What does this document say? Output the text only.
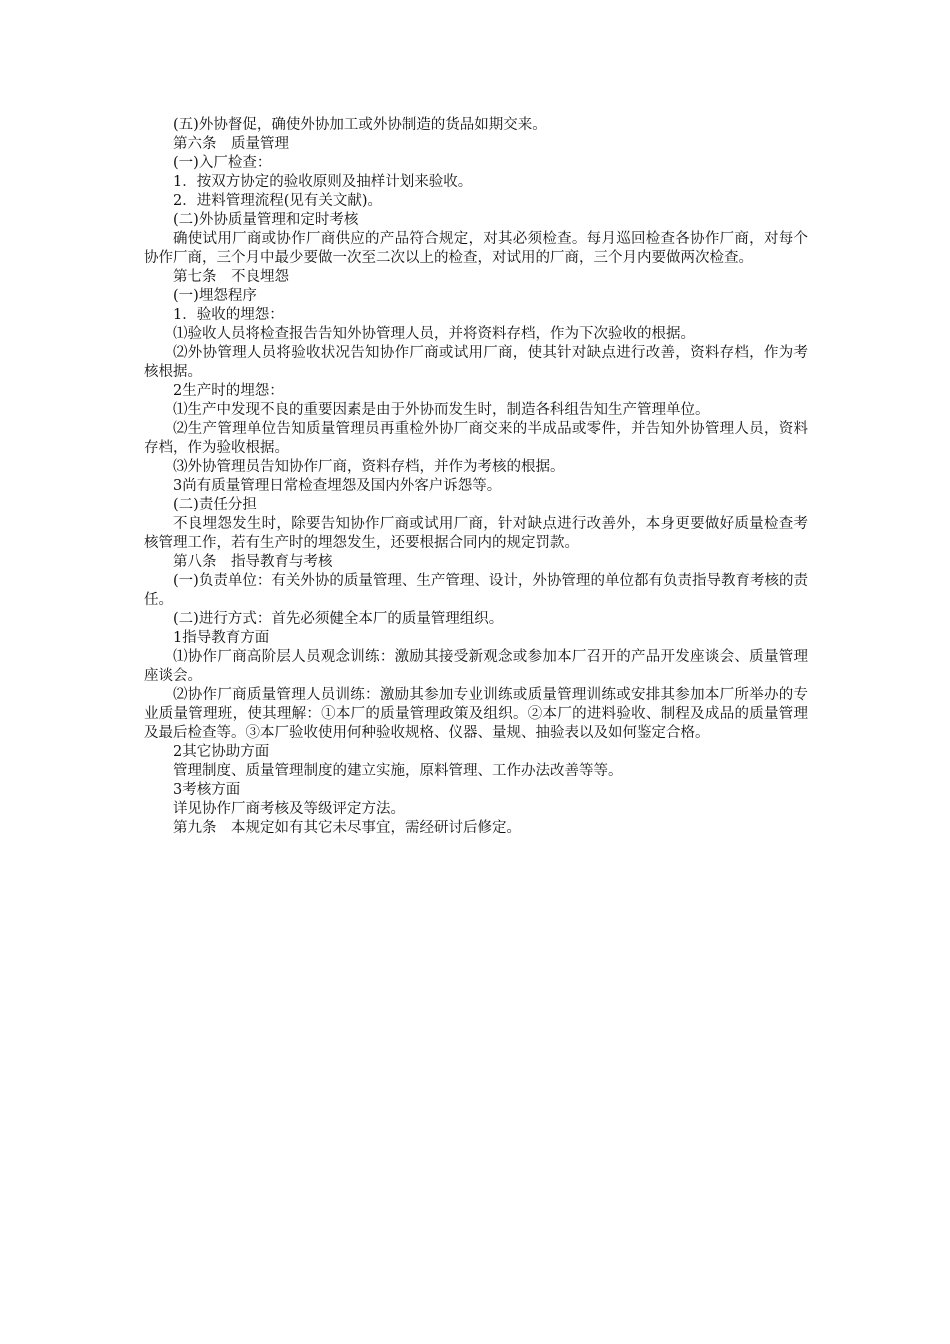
(五)外协督促，确使外协加工或外协制造的货品如期交来。

第六条　质量管理

(一)入厂检查：

1．按双方协定的验收原则及抽样计划来验收。

2．进料管理流程(见有关文献)。

(二)外协质量管理和定时考核

确使试用厂商或协作厂商供应的产品符合规定，对其必须检查。每月巡回检查各协作厂商，对每个协作厂商，三个月中最少要做一次至二次以上的检查，对试用的厂商，三个月内要做两次检查。

第七条　不良埋怨

(一)埋怨程序

1．验收的埋怨：

⑴验收人员将检查报告告知外协管理人员，并将资料存档，作为下次验收的根据。

⑵外协管理人员将验收状况告知协作厂商或试用厂商，使其针对缺点进行改善，资料存档，作为考核根据。

2生产时的埋怨：

⑴生产中发现不良的重要因素是由于外协而发生时，制造各科组告知生产管理单位。

⑵生产管理单位告知质量管理员再重检外协厂商交来的半成品或零件，并告知外协管理人员，资料存档，作为验收根据。

⑶外协管理员告知协作厂商，资料存档，并作为考核的根据。

3尚有质量管理日常检查埋怨及国内外客户诉怨等。

(二)责任分担

不良埋怨发生时，除要告知协作厂商或试用厂商，针对缺点进行改善外，本身更要做好质量检查考核管理工作，若有生产时的埋怨发生，还要根据合同内的规定罚款。

第八条　指导教育与考核

(一)负责单位：有关外协的质量管理、生产管理、设计，外协管理的单位都有负责指导教育考核的责任。

(二)进行方式：首先必须健全本厂的质量管理组织。

1指导教育方面

⑴协作厂商高阶层人员观念训练：激励其接受新观念或参加本厂召开的产品开发座谈会、质量管理座谈会。

⑵协作厂商质量管理人员训练：激励其参加专业训练或质量管理训练或安排其参加本厂所举办的专业质量管理班，使其理解：①本厂的质量管理政策及组织。②本厂的进料验收、制程及成品的质量管理及最后检查等。③本厂验收使用何种验收规格、仪器、量规、抽验表以及如何鉴定合格。

2其它协助方面

管理制度、质量管理制度的建立实施，原料管理、工作办法改善等等。

3考核方面

详见协作厂商考核及等级评定方法。

第九条　本规定如有其它未尽事宜，需经研讨后修定。
